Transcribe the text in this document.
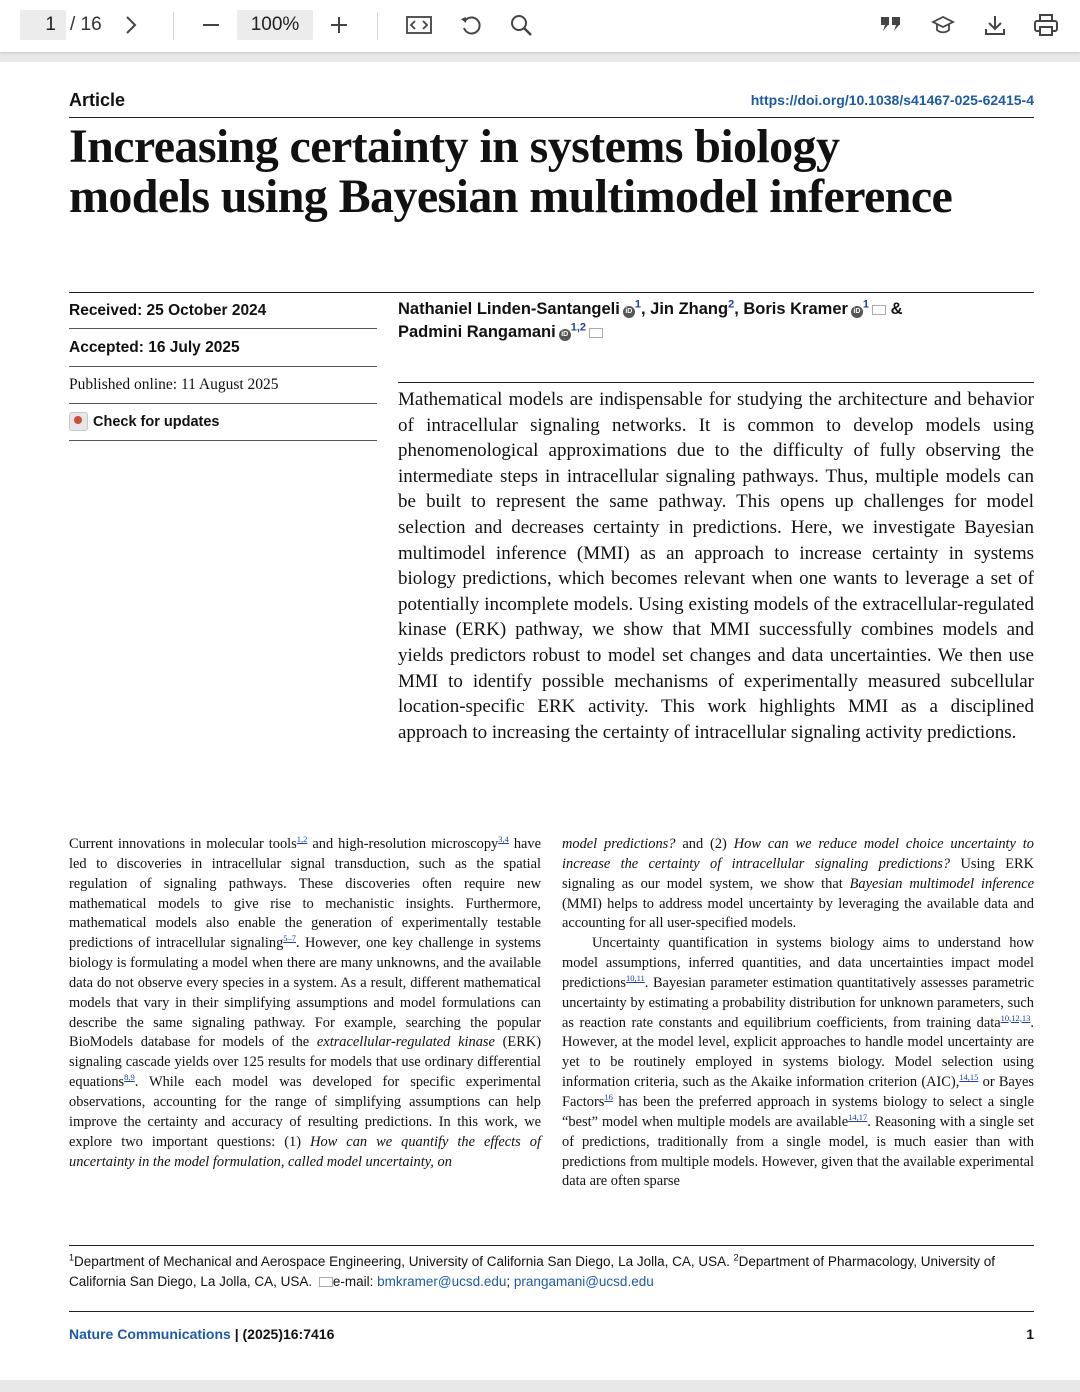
1 / 16	100%
Article	https://doi.org/10.1038/s41467-025-62415-4
Increasing certainty in systems biology
models using Bayesian multimodel inference
Received: 25 October 2024
Accepted: 16 July 2025
Published online: 11 August 2025
Check for updates
Nathaniel Linden-Santangeli $iD^1$, Jin Zhang$^2$, Boris Kramer $iD^1$ &
Padmini Rangamani iD$^{1,2}$
Mathematical models are indispensable for studying the architecture and behavior of intracellular signaling networks. It is common to develop models using phenomenological approximations due to the difficulty of fully observing the intermediate steps in intracellular signaling pathways. Thus, multiple models can be built to represent the same pathway. This opens up challenges for model selection and decreases certainty in predictions. Here, we investigate Bayesian multimodel inference (MMI) as an approach to increase certainty in systems biology predictions, which becomes relevant when one wants to leverage a set of potentially incomplete models. Using existing models of the extracellular-regulated kinase (ERK) pathway, we show that MMI successfully combines models and yields predictors robust to model set changes and data uncertainties. We then use MMI to identify possible mechanisms of experimentally measured subcellular location-specific ERK activity. This work highlights MMI as a disciplined approach to increasing the certainty of intracellular signaling activity predictions.

Current innovations in molecular tools$^{1,2}$ and high-resolution microscopy$^{3,4}$ have led to discoveries in intracellular signal transduction, such as the spatial regulation of signaling pathways. These discoveries often require new mathematical models to give rise to mechanistic insights. Furthermore, mathematical models also enable the generation of experimentally testable predictions of intracellular signaling$^{5-7}$. However, one key challenge in systems biology is formulating a model when there are many unknowns, and the available data do not observe every species in a system. As a result, different mathematical models that vary in their simplifying assumptions and model formulations can describe the same signaling pathway. For example, searching the popular BioModels database for models of the extracellular-regulated kinase (ERK) signaling cascade yields over 125 results for models that use ordinary differential equations$^{8,9}$. While each model was developed for specific experimental observations, accounting for the range of simplifying assumptions can help improve the certainty and accuracy of resulting predictions. In this work, we explore two important questions: (1) How can we quantify the effects of uncertainty in the model formulation, called model uncertainty, on

model predictions? and (2) How can we reduce model choice uncertainty to increase the certainty of intracellular signaling predictions? Using ERK signaling as our model system, we show that Bayesian multimodel inference (MMI) helps to address model uncertainty by leveraging the available data and accounting for all user-specified models.

Uncertainty quantification in systems biology aims to understand how model assumptions, inferred quantities, and data uncertainties impact model predictions$^{10,11}$. Bayesian parameter estimation quantitatively assesses parametric uncertainty by estimating a probability distribution for unknown parameters, such as reaction rate constants and equilibrium coefficients, from training data$^{10,12,13}$. However, at the model level, explicit approaches to handle model uncertainty are yet to be routinely employed in systems biology. Model selection using information criteria, such as the Akaike information criterion (AIC),$^{14,15}$ or Bayes Factors$^{16}$ has been the preferred approach in systems biology to select a single “best” model when multiple models are available$^{14,17}$. Reasoning with a single set of predictions, traditionally from a single model, is much easier than with predictions from multiple models. However, given that the available experimental data are often sparse

$^1$Department of Mechanical and Aerospace Engineering, University of California San Diego, La Jolla, CA, USA. $^2$Department of Pharmacology, University of California San Diego, La Jolla, CA, USA. e-mail: bmkramer@ucsd.edu; prangamani@ucsd.edu
Nature Communications | (2025)16:7416	1
